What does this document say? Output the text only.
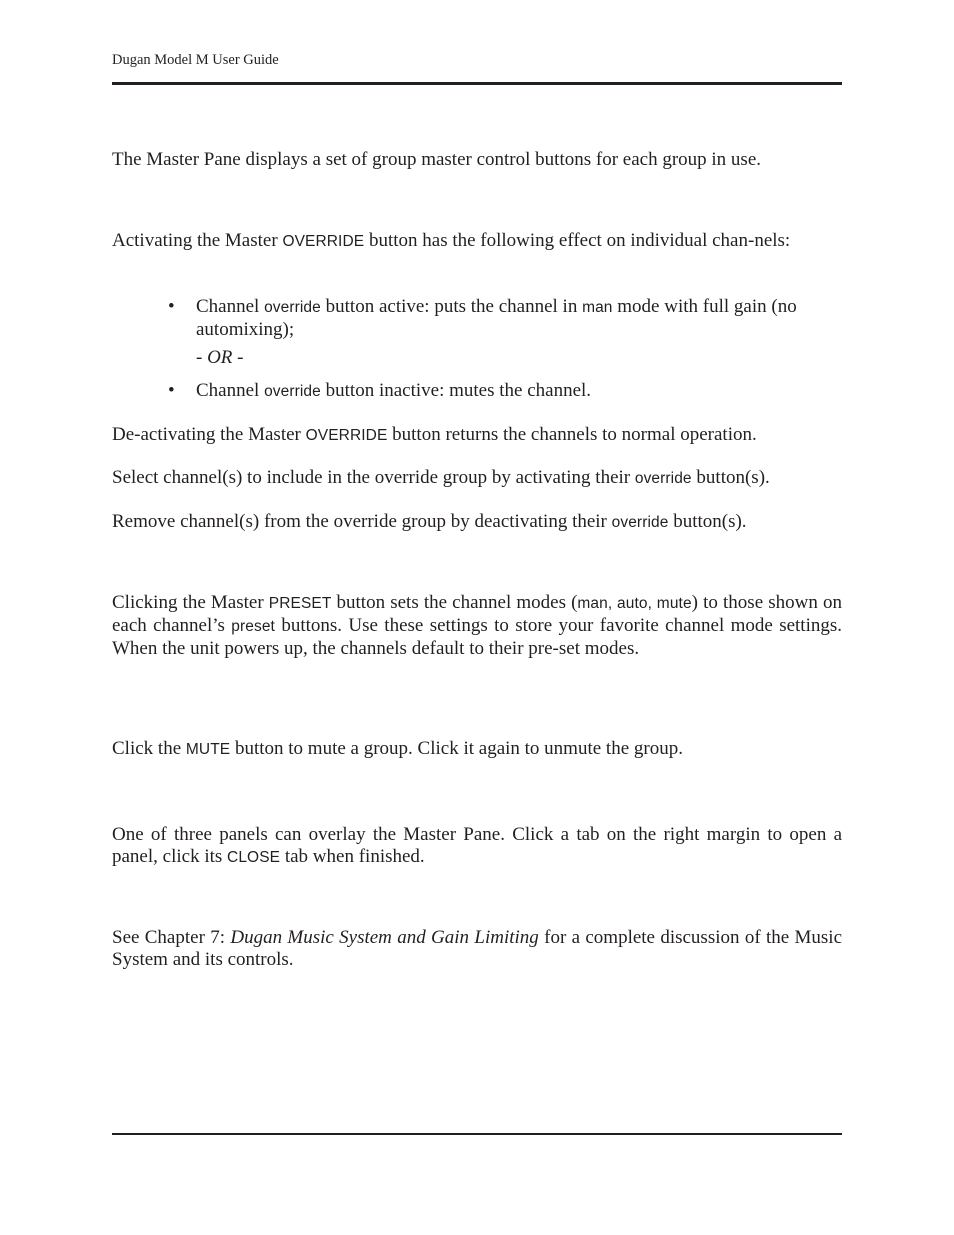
Dugan Model M User Guide

The Master Pane displays a set of group master control buttons for each group in use.

Activating the Master OVERRIDE button has the following effect on individual chan-nels:

• Channel override button active: puts the channel in man mode with full gain (no automixing);
- OR -
• Channel override button inactive: mutes the channel.

De-activating the Master OVERRIDE button returns the channels to normal operation.

Select channel(s) to include in the override group by activating their override button(s).

Remove channel(s) from the override group by deactivating their override button(s).

Clicking the Master PRESET button sets the channel modes (man, auto, mute) to those shown on each channel’s preset buttons. Use these settings to store your favorite channel mode settings. When the unit powers up, the channels default to their pre-set modes.

Click the MUTE button to mute a group. Click it again to unmute the group.

One of three panels can overlay the Master Pane. Click a tab on the right margin to open a panel, click its CLOSE tab when finished.

See Chapter 7: Dugan Music System and Gain Limiting for a complete discussion of the Music System and its controls.
